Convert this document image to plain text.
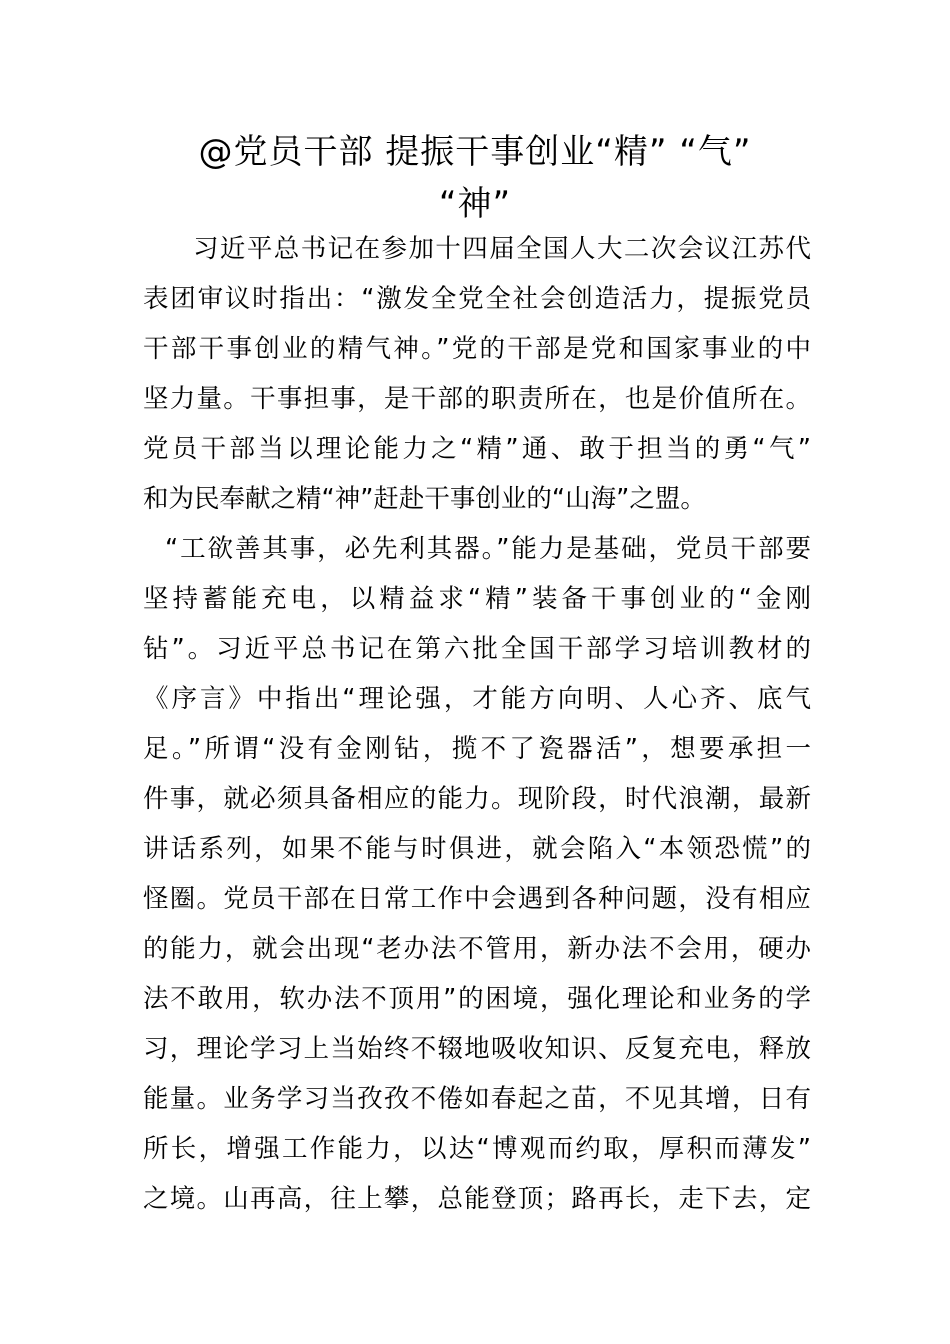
@党员干部 提振干事创业“精” “气”
“神”
习近平总书记在参加十四届全国人大二次会议江苏代
表团审议时指出：“激发全党全社会创造活力，提振党员
干部干事创业的精气神。”党的干部是党和国家事业的中
坚力量。干事担事，是干部的职责所在，也是价值所在。
党员干部当以理论能力之“精”通、敢于担当的勇“气”
和为民奉献之精“神”赶赴干事创业的“山海”之盟。
“工欲善其事，必先利其器。”能力是基础，党员干部要
坚持蓄能充电，以精益求“精”装备干事创业的“金刚
钻”。习近平总书记在第六批全国干部学习培训教材的
《序言》中指出“理论强，才能方向明、人心齐、底气
足。”所谓“没有金刚钻，揽不了瓷器活”，想要承担一
件事，就必须具备相应的能力。现阶段，时代浪潮，最新
讲话系列，如果不能与时俱进，就会陷入“本领恐慌”的
怪圈。党员干部在日常工作中会遇到各种问题，没有相应
的能力，就会出现“老办法不管用，新办法不会用，硬办
法不敢用，软办法不顶用”的困境，强化理论和业务的学
习，理论学习上当始终不辍地吸收知识、反复充电，释放
能量。业务学习当孜孜不倦如春起之苗，不见其增，日有
所长，增强工作能力，以达“博观而约取，厚积而薄发”
之境。山再高，往上攀，总能登顶；路再长，走下去，定
